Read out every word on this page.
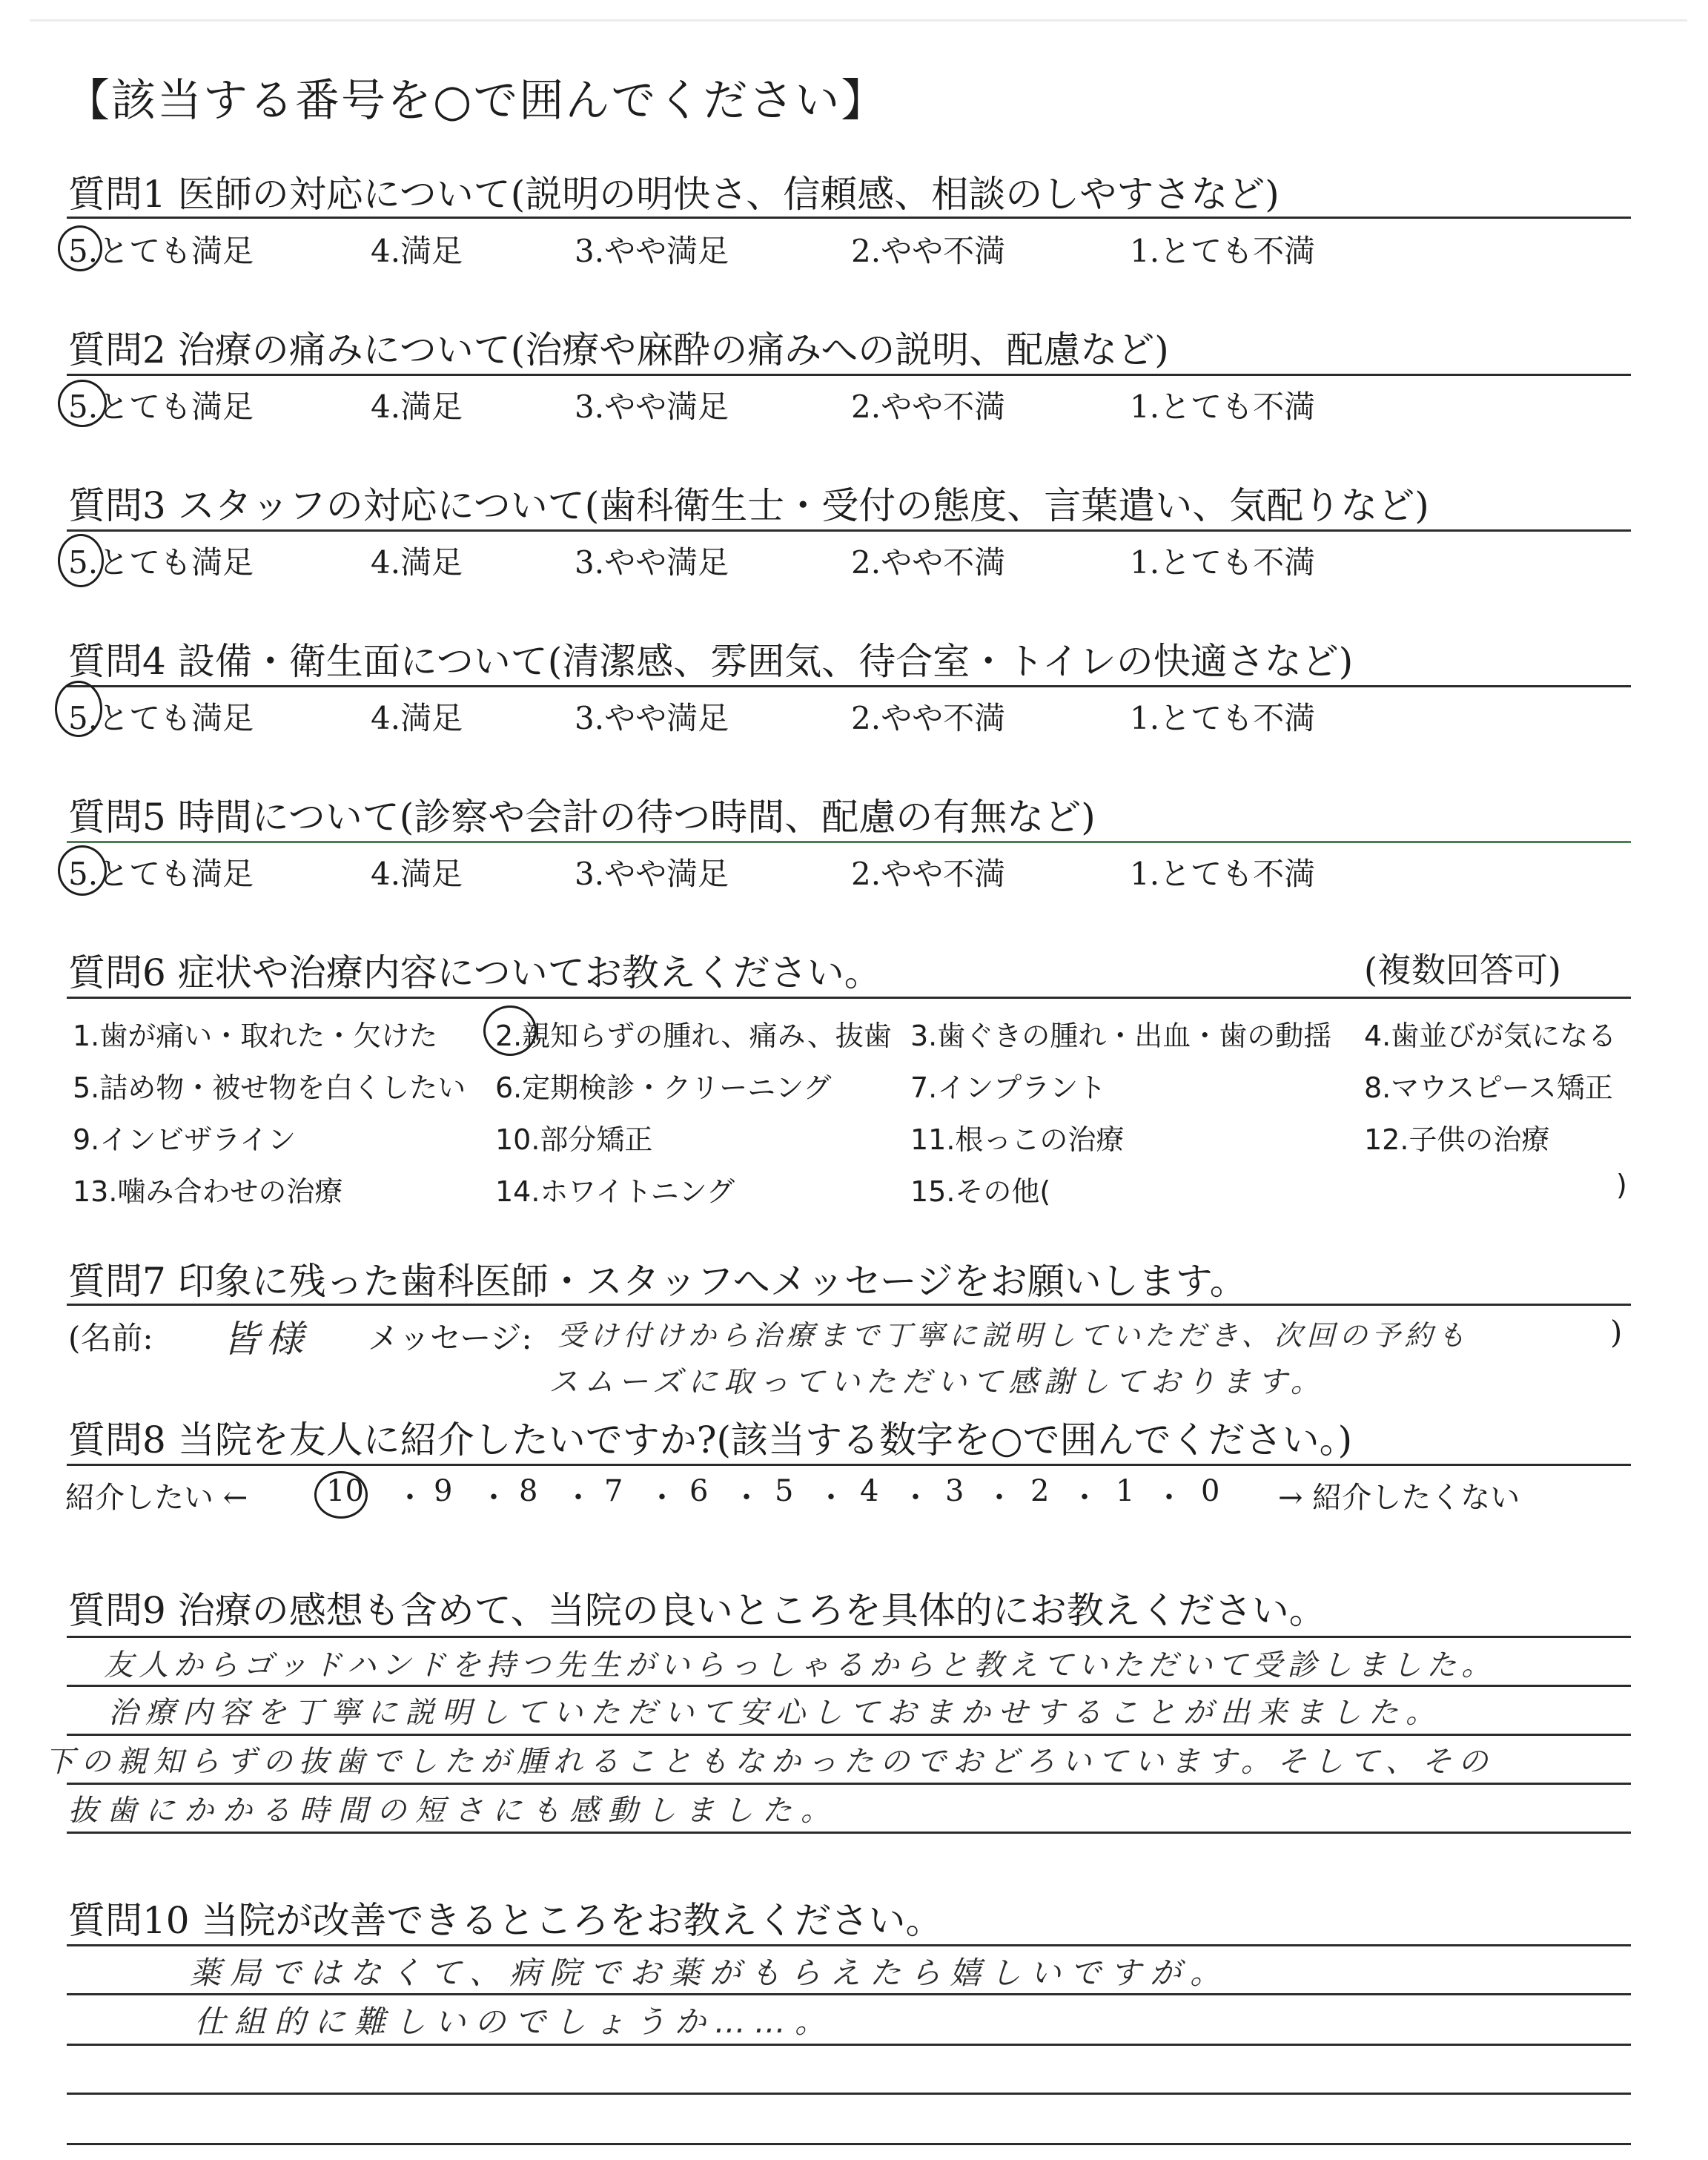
【該当する番号を○で囲んでください】
質問1 医師の対応について(説明の明快さ、信頼感、相談のしやすさなど)
5.とても満足	4.満足	3.やや満足	2.やや不満	1.とても不満
質問2 治療の痛みについて(治療や麻酔の痛みへの説明、配慮など)
5.とても満足	4.満足	3.やや満足	2.やや不満	1.とても不満
質問3 スタッフの対応について(歯科衛生士・受付の態度、言葉遣い、気配りなど)
5.とても満足	4.満足	3.やや満足	2.やや不満	1.とても不満
質問4 設備・衛生面について(清潔感、雰囲気、待合室・トイレの快適さなど)
5.とても満足	4.満足	3.やや満足	2.やや不満	1.とても不満
質問5 時間について(診察や会計の待つ時間、配慮の有無など)
5.とても満足	4.満足	3.やや満足	2.やや不満	1.とても不満
質問6 症状や治療内容についてお教えください。	(複数回答可)
1.歯が痛い・取れた・欠けた 2.親知らずの腫れ、痛み、抜歯 3.歯ぐきの腫れ・出血・歯の動揺 4.歯並びが気になる
5.詰め物・被せ物を白くしたい 6.定期検診・クリーニング	7.インプラント	8.マウスピース矯正
9.インビザライン	10.部分矯正	11.根っこの治療	12.子供の治療
13.噛み合わせの治療	14.ホワイトニング	15.その他(	)
質問7 印象に残った歯科医師・スタッフへメッセージをお願いします。
(名前: 皆様 メッセージ: 受け付けから治療まで丁寧に説明していただき、次回の予約も	)
スムーズに取っていただいて感謝しております。
質問8 当院を友人に紹介したいですか?(該当する数字を○で囲んでください。)
紹介したい ←	10 ・ 9 ・ 8 ・ 7 ・ 6 ・ 5 ・ 4 ・ 3 ・ 2 ・ 1 ・ 0 → 紹介したくない
質問9 治療の感想も含めて、当院の良いところを具体的にお教えください。
友人からゴッドハンドを持つ先生がいらっしゃるからと教えていただいて受診しました。
治療内容を丁寧に説明していただいて安心しておまかせすることが出来ました。
下の親知らずの抜歯でしたが腫れることもなかったのでおどろいています。そして、その
抜歯にかかる時間の短さにも感動しました。
質問10 当院が改善できるところをお教えください。
薬局ではなくて、病院でお薬がもらえたら嬉しいですが。
仕組的に難しいのでしょうか……。
